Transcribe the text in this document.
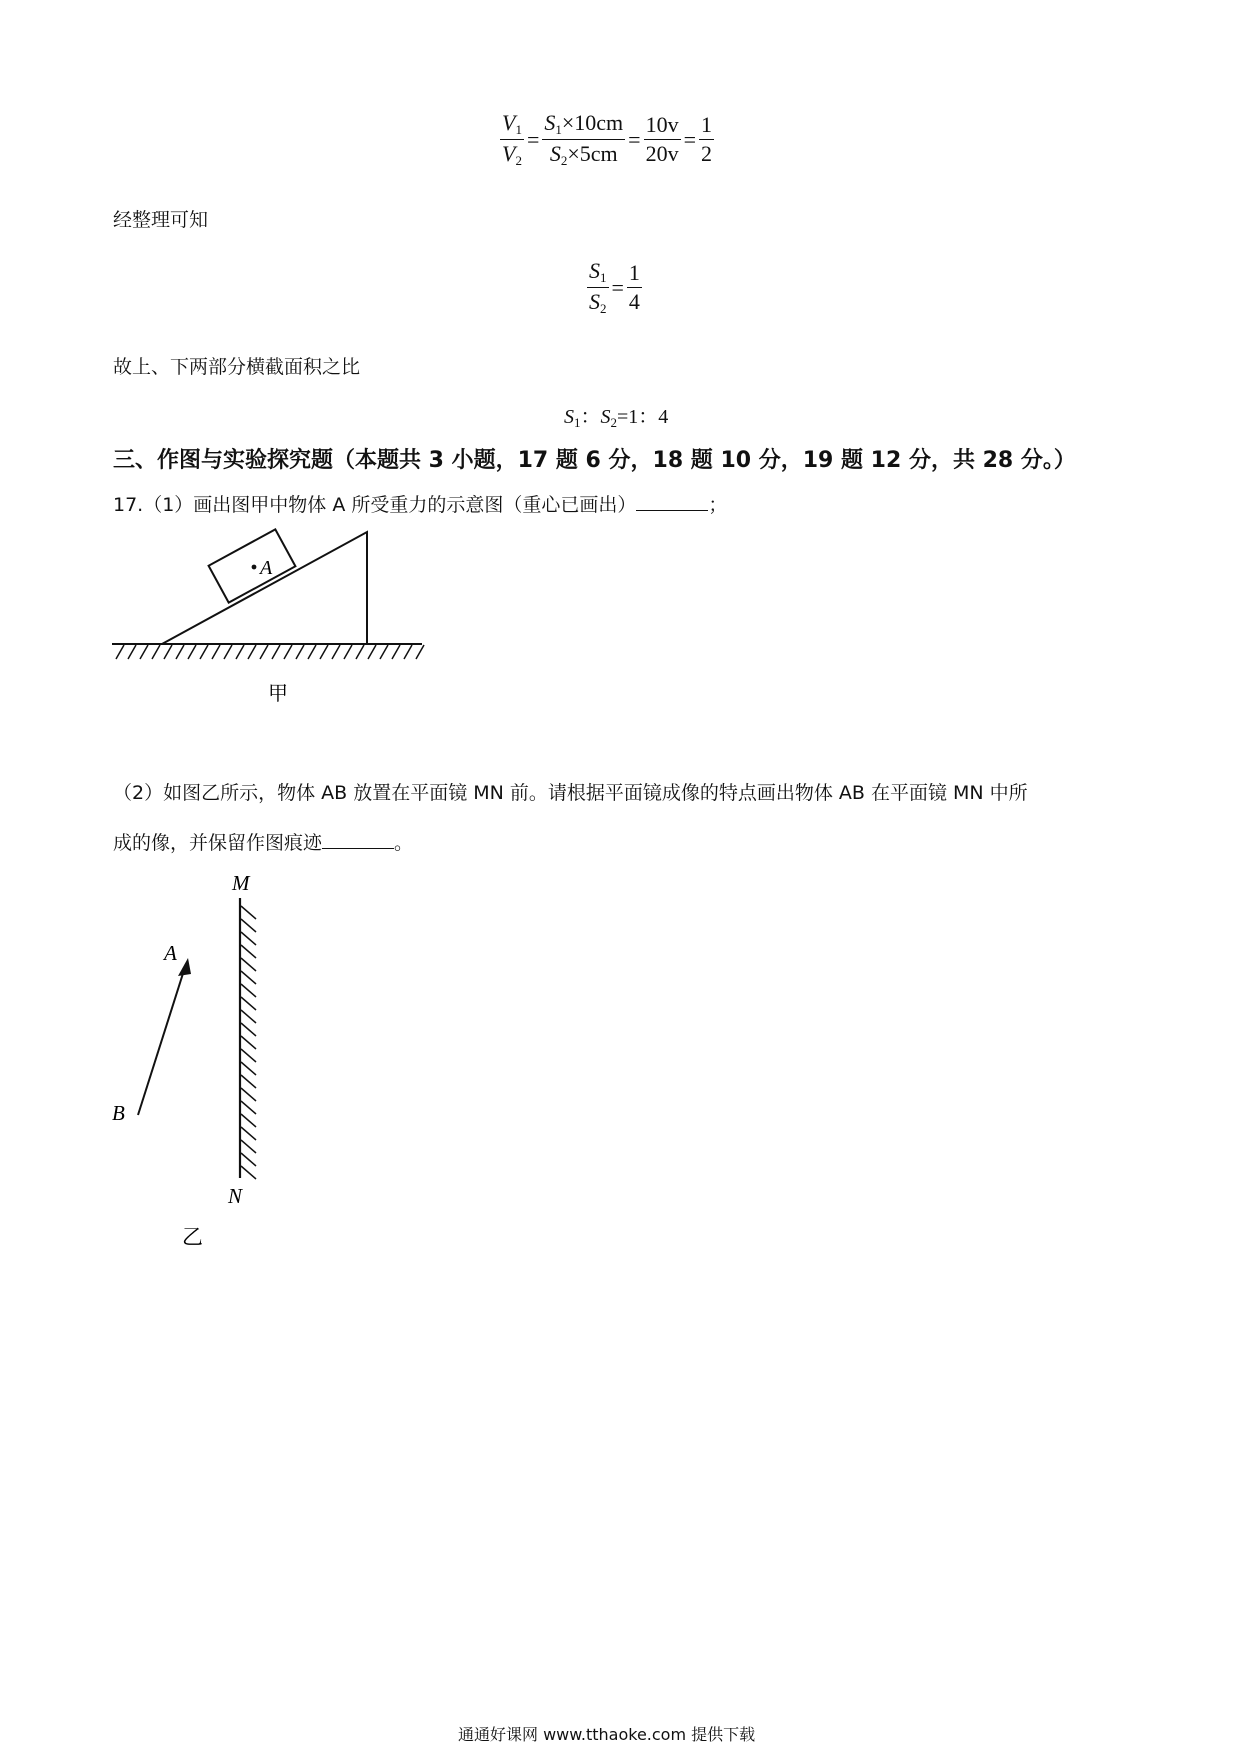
$\frac{V_1}{V_2} = \frac{S_1\times 10cm}{S_2\times 5cm} = \frac{10v}{20v} = \frac{1}{2}$
经整理可知
$\frac{S_1}{S_2} = \frac{1}{4}$
故上、下两部分横截面积之比
$S_1$：$S_2=1$：4
三、作图与实验探究题（本题共 3 小题，17 题 6 分，18 题 10 分，19 题 12 分，共 28 分。）
17.（1）画出图甲中物体 A 所受重力的示意图（重心已画出）	；
A
甲
（2）如图乙所示，物体 AB 放置在平面镜 MN 前。请根据平面镜成像的特点画出物体 AB 在平面镜 MN 中所
成的像，并保留作图痕迹	。
M
N
A
B
乙
通通好课网 www.tthaoke.com 提供下载
